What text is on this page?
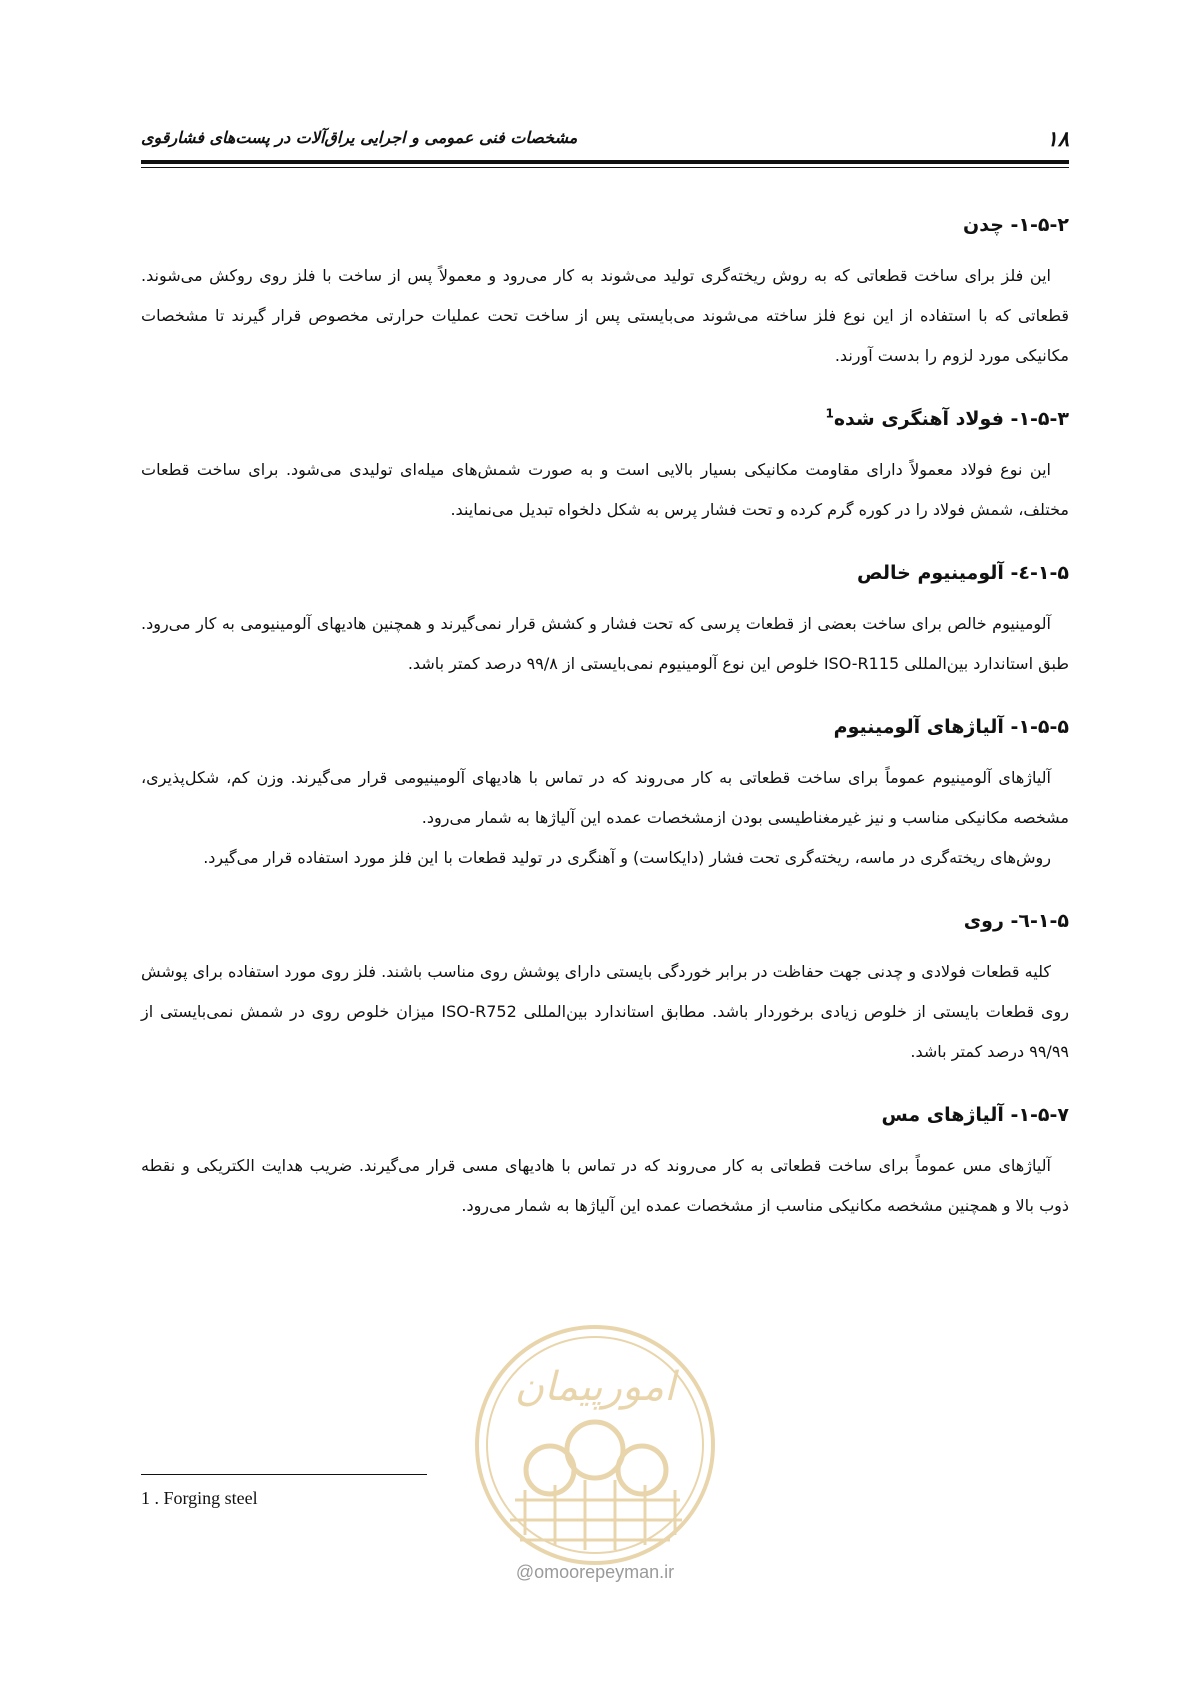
۱۸
مشخصات فنی عمومی و اجرایی یراق‌آلات در پست‌های فشارقوی
۱-۵-۲- چدن

این فلز برای ساخت قطعاتی که به روش ریخته‌گری تولید می‌شوند به کار می‌رود و معمولاً پس از ساخت با فلز روی روکش می‌شوند. قطعاتی که با استفاده از این نوع فلز ساخته می‌شوند می‌بایستی پس از ساخت تحت عملیات حرارتی مخصوص قرار گیرند تا مشخصات مکانیکی مورد لزوم را بدست آورند.

۱-۵-۳- فولاد آهنگری شده$^1$

این نوع فولاد معمولاً دارای مقاومت مکانیکی بسیار بالایی است و به صورت شمش‌های میله‌ای تولیدی می‌شود. برای ساخت قطعات مختلف، شمش فولاد را در کوره گرم کرده و تحت فشار پرس به شکل دلخواه تبدیل می‌نمایند.

۱-۵-٤- آلومینیوم خالص

آلومینیوم خالص برای ساخت بعضی از قطعات پرسی که تحت فشار و کشش قرار نمی‌گیرند و همچنین هادیهای آلومینیومی به کار می‌رود. طبق استاندارد بین‌المللی ISO-R115 خلوص این نوع آلومینیوم نمی‌بایستی از ۹۹/۸ درصد کمتر باشد.

۱-۵-۵- آلیاژهای آلومینیوم

آلیاژهای آلومینیوم عموماً برای ساخت قطعاتی به کار می‌روند که در تماس با هادیهای آلومینیومی قرار می‌گیرند. وزن کم، شکل‌پذیری، مشخصه مکانیکی مناسب و نیز غیرمغناطیسی بودن ازمشخصات عمده این آلیاژها به شمار می‌رود.

روش‌های ریخته‌گری در ماسه، ریخته‌گری تحت فشار (دایکاست) و آهنگری در تولید قطعات با این فلز مورد استفاده قرار می‌گیرد.

۱-۵-٦- روی

کلیه قطعات فولادی و چدنی جهت حفاظت در برابر خوردگی بایستی دارای پوشش روی مناسب باشند. فلز روی مورد استفاده برای پوشش روی قطعات بایستی از خلوص زیادی برخوردار باشد. مطابق استاندارد بین‌المللی ISO-R752 میزان خلوص روی در شمش نمی‌بایستی از ۹۹/۹۹ درصد کمتر باشد.

۱-۵-۷- آلیاژهای مس

آلیاژهای مس عموماً برای ساخت قطعاتی به کار می‌روند که در تماس با هادیهای مسی قرار می‌گیرند. ضریب هدایت الکتریکی و نقطه ذوب بالا و همچنین مشخصه مکانیکی مناسب از مشخصات عمده این آلیاژها به شمار می‌رود.

امورپیمان
@omoorepeyman.ir
1 . Forging steel
